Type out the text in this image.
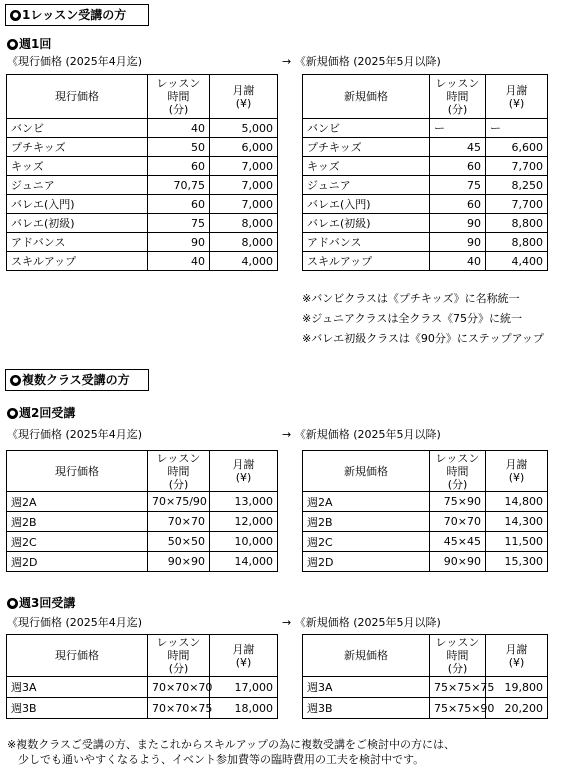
● 1レッスン受講の方
● 週1回
《現行価格 (2025年4月迄)	→ 《新規価格 (2025年5月以降)
現行価格	レッスン
時間
(分)	月謝
(¥)
バンビ	40	5,000
プチキッズ	50	6,000
キッズ	60	7,000
ジュニア	70,75	7,000
バレエ(入門)	60	7,000
バレエ(初級)	75	8,000
アドバンス	90	8,000
スキルアップ	40	4,000
新規価格	レッスン
時間
(分)	月謝
(¥)
バンビ	ー	ー
プチキッズ	45	6,600
キッズ	60	7,700
ジュニア	75	8,250
バレエ(入門)	60	7,700
バレエ(初級)	90	8,800
アドバンス	90	8,800
スキルアップ	40	4,400
※バンビクラスは《プチキッズ》に名称統一
※ジュニアクラスは全クラス《75分》に統一
※バレエ初級クラスは《90分》にステップアップ
● 複数クラス受講の方
● 週2回受講
《現行価格 (2025年4月迄)	→ 《新規価格 (2025年5月以降)
現行価格	レッスン
時間
(分)	月謝
(¥)
週2A	70×75/90	13,000
週2B	70×70	12,000
週2C	50×50	10,000
週2D	90×90	14,000
新規価格	レッスン
時間
(分)	月謝
(¥)
週2A	75×90	14,800
週2B	70×70	14,300
週2C	45×45	11,500
週2D	90×90	15,300
● 週3回受講
《現行価格 (2025年4月迄)	→ 《新規価格 (2025年5月以降)
現行価格	レッスン
時間
(分)	月謝
(¥)
週3A	70×70×70	17,000
週3B	70×70×75	18,000
新規価格	レッスン
時間
(分)	月謝
(¥)
週3A	75×75×75	19,800
週3B	75×75×90	20,200
※複数クラスご受講の方、またこれからスキルアップの為に複数受講をご検討中の方には、
　少しでも通いやすくなるよう、イベント参加費等の臨時費用の工夫を検討中です。
